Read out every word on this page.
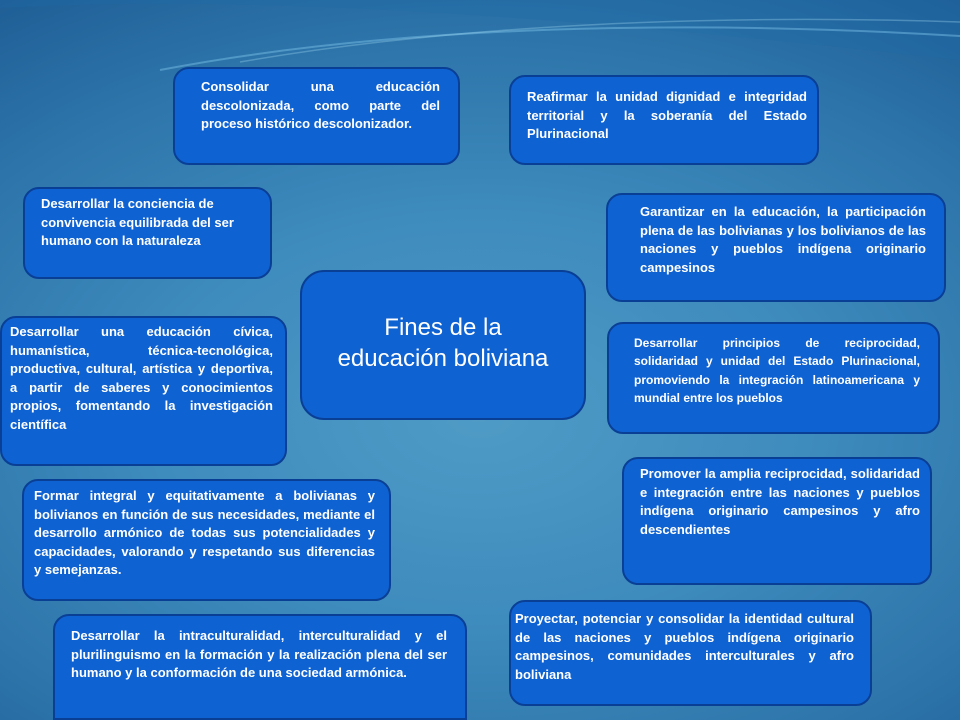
Consolidar una educación descolonizada, como parte del proceso histórico descolonizador.
Reafirmar la unidad dignidad e integridad territorial y la soberanía del Estado Plurinacional
Desarrollar la conciencia de convivencia equilibrada del ser humano con la naturaleza
Garantizar en la educación, la participación plena de las bolivianas y los bolivianos de las naciones y pueblos indígena originario campesinos
Fines de la
educación boliviana
Desarrollar una educación cívica, humanística, técnica-tecnológica, productiva, cultural, artística y deportiva, a partir de saberes y conocimientos propios, fomentando la investigación científica
Desarrollar principios de reciprocidad, solidaridad y unidad del Estado Plurinacional, promoviendo la integración latinoamericana y mundial entre los pueblos
Promover la amplia reciprocidad, solidaridad e integración entre las naciones y pueblos indígena originario campesinos y afro descendientes
Formar integral y equitativamente a bolivianas y bolivianos en función de sus necesidades, mediante el desarrollo armónico de todas sus potencialidades y capacidades, valorando y respetando sus diferencias y semejanzas.
Proyectar, potenciar y consolidar la identidad cultural de las naciones y pueblos indígena originario campesinos, comunidades interculturales y afro boliviana
Desarrollar la intraculturalidad, interculturalidad y el plurilinguismo en la formación y la realización plena del ser humano y la conformación de una sociedad armónica.
